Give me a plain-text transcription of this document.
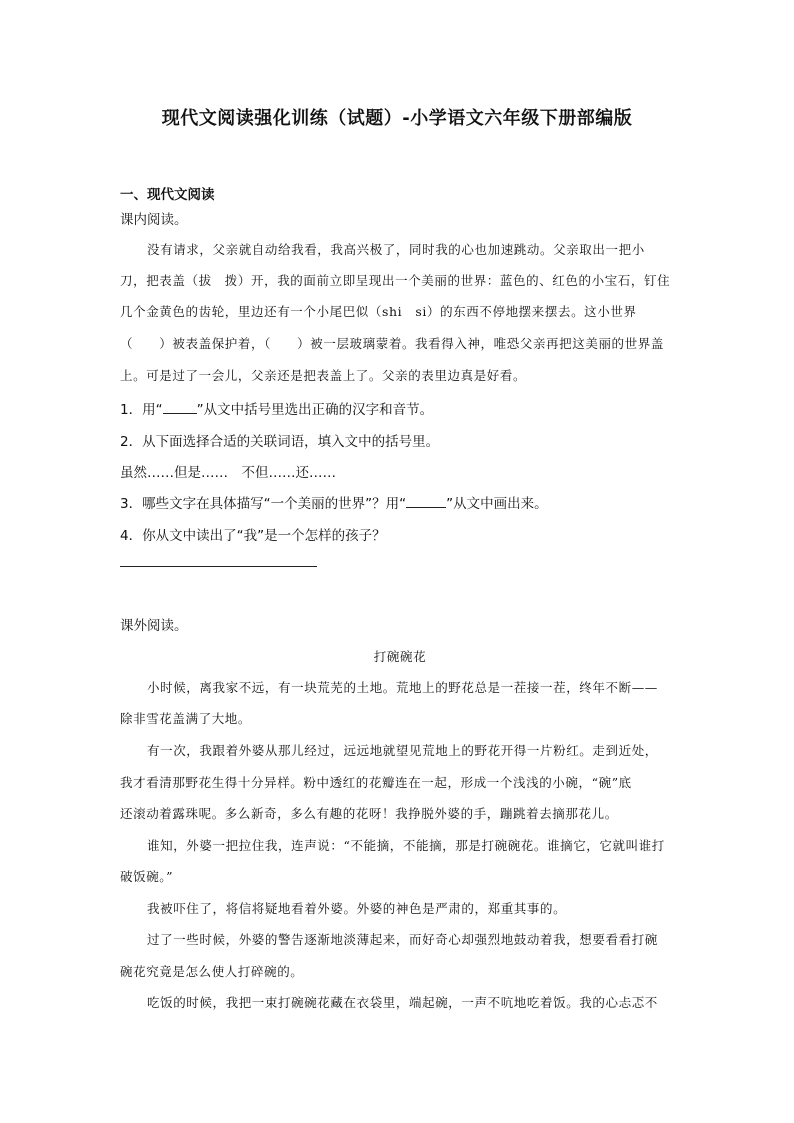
现代文阅读强化训练（试题）-小学语文六年级下册部编版
一、现代文阅读
课内阅读。
没有请求，父亲就自动给我看，我高兴极了，同时我的心也加速跳动。父亲取出一把小
刀，把表盖（拔　拨）开，我的面前立即呈现出一个美丽的世界：蓝色的、红色的小宝石，钉住
几个金黄色的齿轮，里边还有一个小尾巴似（shi　si）的东西不停地摆来摆去。这小世界
（　　）被表盖保护着，（　　）被一层玻璃蒙着。我看得入神，唯恐父亲再把这美丽的世界盖
上。可是过了一会儿，父亲还是把表盖上了。父亲的表里边真是好看。
1．用“	”从文中括号里选出正确的汉字和音节。
2．从下面选择合适的关联词语，填入文中的括号里。
虽然……但是……　不但……还……
3．哪些文字在具体描写“一个美丽的世界”？用“	”从文中画出来。
4．你从文中读出了“我”是一个怎样的孩子？
课外阅读。
打碗碗花
小时候，离我家不远，有一块荒芜的土地。荒地上的野花总是一茬接一茬，终年不断——
除非雪花盖满了大地。
有一次，我跟着外婆从那儿经过，远远地就望见荒地上的野花开得一片粉红。走到近处，
我才看清那野花生得十分异样。粉中透红的花瓣连在一起，形成一个浅浅的小碗，“碗”底
还滚动着露珠呢。多么新奇，多么有趣的花呀！我挣脱外婆的手，蹦跳着去摘那花儿。
谁知，外婆一把拉住我，连声说：“不能摘，不能摘，那是打碗碗花。谁摘它，它就叫谁打
破饭碗。”
我被吓住了，将信将疑地看着外婆。外婆的神色是严肃的，郑重其事的。
过了一些时候，外婆的警告逐渐地淡薄起来，而好奇心却强烈地鼓动着我，想要看看打碗
碗花究竟是怎么使人打碎碗的。
吃饭的时候，我把一束打碗碗花藏在衣袋里，端起碗，一声不吭地吃着饭。我的心忐忑不
